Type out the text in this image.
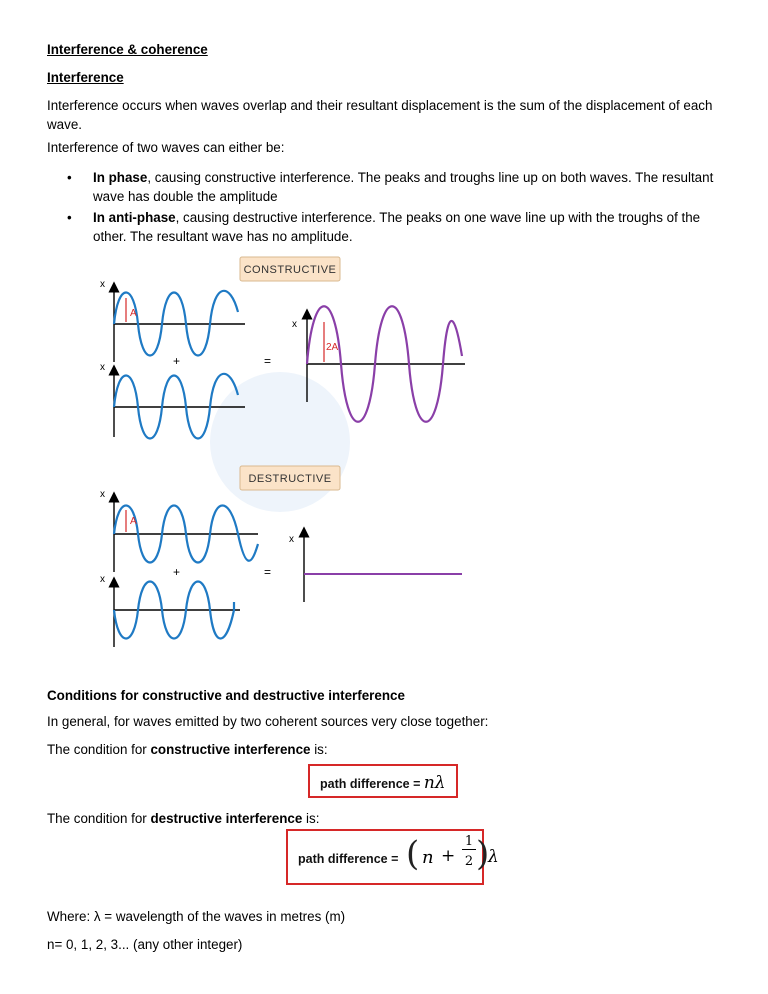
Interference & coherence
Interference
Interference occurs when waves overlap and their resultant displacement is the sum of the displacement of each wave.
Interference of two waves can either be:
• In phase, causing constructive interference. The peaks and troughs line up on both waves. The resultant wave has double the amplitude
• In anti-phase, causing destructive interference. The peaks on one wave line up with the troughs of the other. The resultant wave has no amplitude.
CONSTRUCTIVE
x
A
+
x	=
x
2A
DESTRUCTIVE
x
A
+
x
=
x
Conditions for constructive and destructive interference
In general, for waves emitted by two coherent sources very close together:
The condition for constructive interference is:
path difference = nλ
The condition for destructive interference is:
path difference = ( n +
1
2 )
λ
Where: λ = wavelength of the waves in metres (m)
n= 0, 1, 2, 3... (any other integer)
